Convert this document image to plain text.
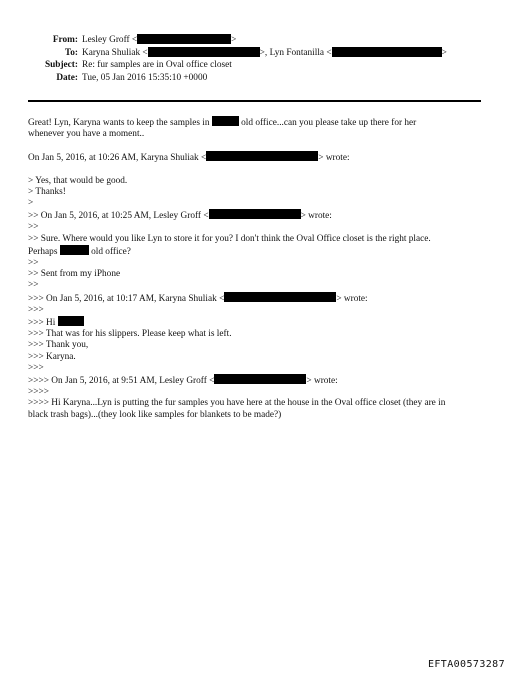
From: Lesley Groff <	>
To: Karyna Shuliak <	>, Lyn Fontanilla <	>
Subject: Re: fur samples are in Oval office closet
Date: Tue, 05 Jan 2016 15:35:10 +0000
Great! Lyn, Karyna wants to keep the samples in	old office...can you please take up there for her
whenever you have a moment..
On Jan 5, 2016, at 10:26 AM, Karyna Shuliak <	> wrote:
> Yes, that would be good.
> Thanks!
>
>> On Jan 5, 2016, at 10:25 AM, Lesley Groff <	> wrote:
>>
>> Sure. Where would you like Lyn to store it for you? I don't think the Oval Office closet is the right place.
Perhaps	old office?
>>
>> Sent from my iPhone
>>
>>> On Jan 5, 2016, at 10:17 AM, Karyna Shuliak <	> wrote:
>>>
>>> Hi
>>> That was for his slippers. Please keep what is left.
>>> Thank you,
>>> Karyna.
>>>
>>>> On Jan 5, 2016, at 9:51 AM, Lesley Groff <	> wrote:
>>>>
>>>> Hi Karyna...Lyn is putting the fur samples you have here at the house in the Oval office closet (they are in
black trash bags)...(they look like samples for blankets to be made?)
EFTA00573287
